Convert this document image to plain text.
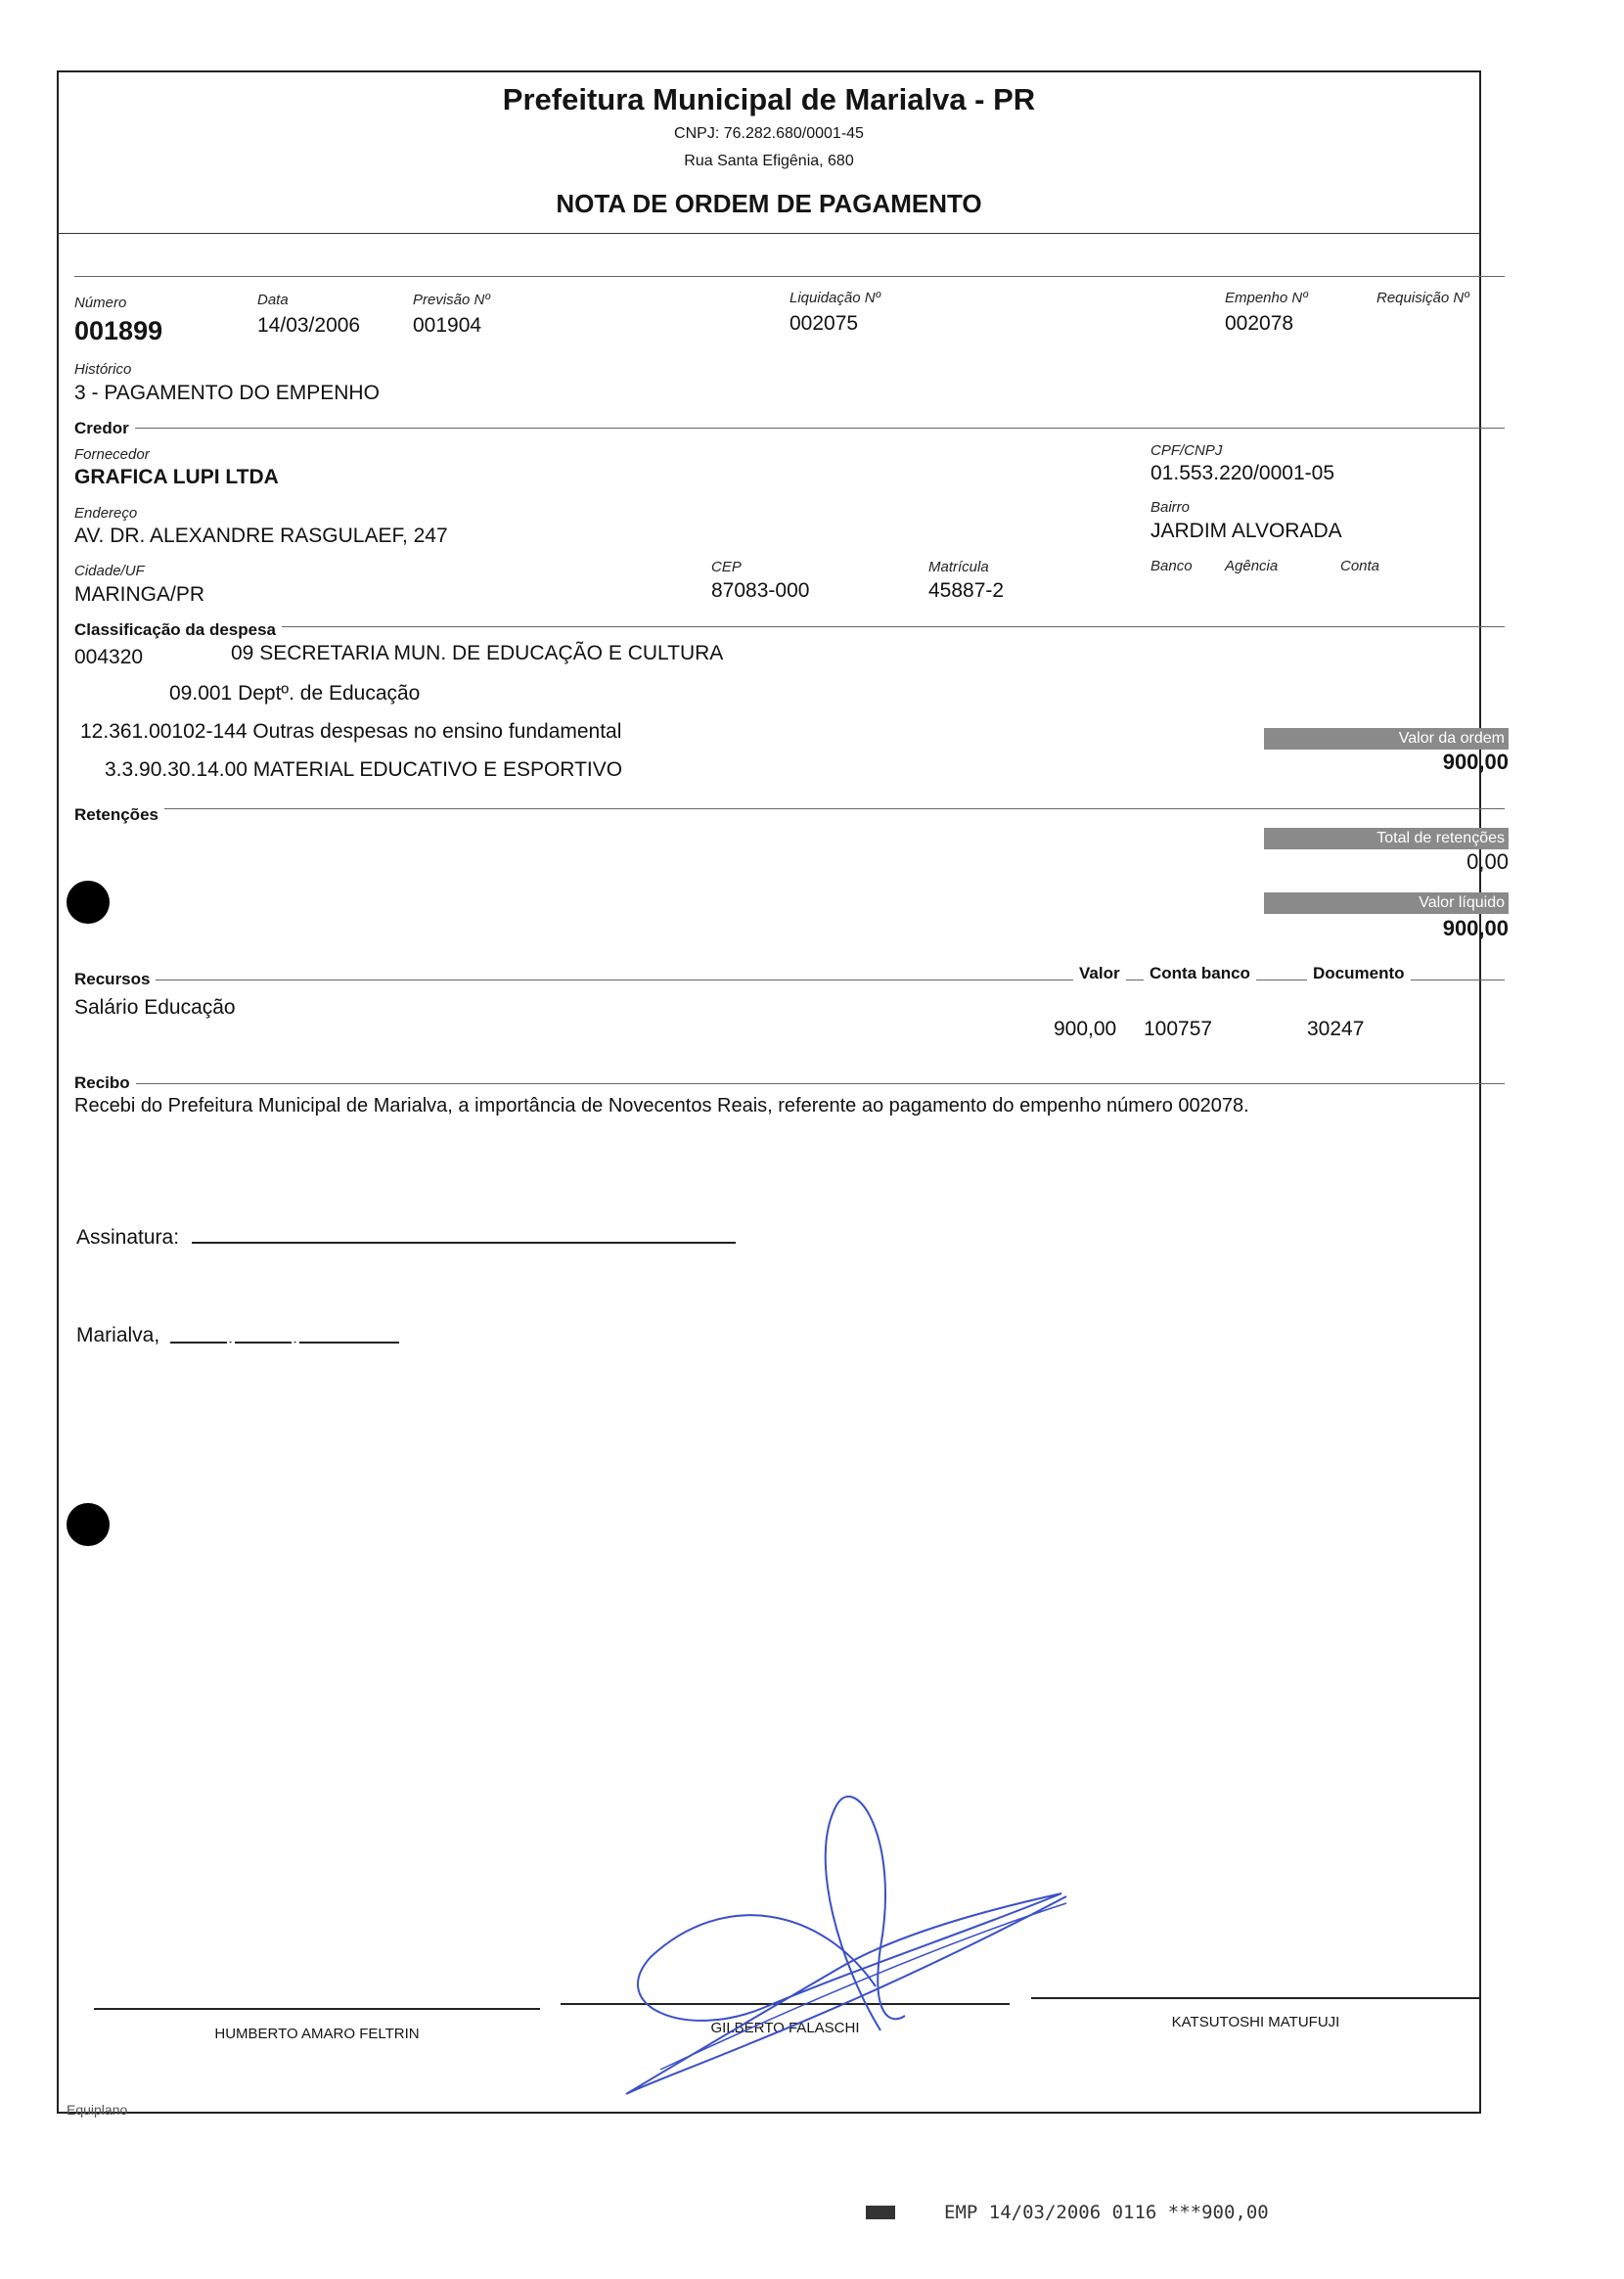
Prefeitura Municipal de Marialva - PR
CNPJ: 76.282.680/0001-45
Rua Santa Efigênia, 680
NOTA DE ORDEM DE PAGAMENTO
Número
001899
Data
14/03/2006
Previsão Nº
001904
Liquidação Nº
002075
Empenho Nº
002078
Requisição Nº
Histórico
3 - PAGAMENTO DO EMPENHO
Credor
Fornecedor
GRAFICA LUPI LTDA
CPF/CNPJ
01.553.220/0001-05
Endereço
AV. DR. ALEXANDRE RASGULAEF, 247
Bairro
JARDIM ALVORADA
Cidade/UF
MARINGA/PR
CEP
87083-000
Matrícula
45887-2
Banco Agência	Conta
Classificação da despesa
004320	09 SECRETARIA MUN. DE EDUCAÇÃO E CULTURA
09.001 Deptº. de Educação
12.361.00102-144 Outras despesas no ensino fundamental
3.3.90.30.14.00 MATERIAL EDUCATIVO E ESPORTIVO
Valor da ordem
900,00
Retenções
Total de retenções
0,00
Valor líquido
900,00
Recursos	Valor	Conta banco	Documento
Salário Educação
900,00 100757	30247
Recibo
Recebi do Prefeitura Municipal de Marialva, a importância de Novecentos Reais, referente ao pagamento do empenho número 002078.
Assinatura:
Marialva,
HUMBERTO AMARO FELTRIN	GILBERTO FALASCHI	KATSUTOSHI MATUFUJI
Equiplano
EMP 14/03/2006 0116 ***900,00
